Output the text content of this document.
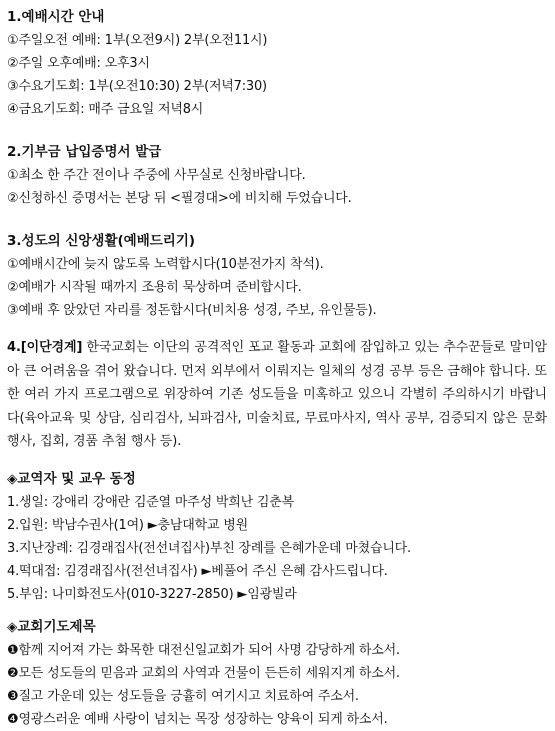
1.예배시간 안내
①주일오전 예배: 1부(오전9시) 2부(오전11시)
②주일 오후예배: 오후3시
③수요기도회: 1부(오전10:30) 2부(저녁7:30)
④금요기도회: 매주 금요일 저녁8시
2.기부금 납입증명서 발급
①최소 한 주간 전이나 주중에 사무실로 신청바랍니다.
②신청하신 증명서는 본당 뒤 <필경대>에 비치해 두었습니다.
3.성도의 신앙생활(예배드리기)
①예배시간에 늦지 않도록 노력합시다(10분전가지 착석).
②예배가 시작될 때까지 조용히 묵상하며 준비합시다.
③예배 후 앉았던 자리를 정돈합시다(비치용 성경, 주보, 유인물등).
4.[이단경계] 한국교회는 이단의 공격적인 포교 활동과 교회에 잠입하고 있는 추수꾼들로 말미암아 큰 어려움을 겪어 왔습니다. 먼저 외부에서 이뤄지는 일체의 성경 공부 등은 금해야 합니다. 또한 여러 가지 프로그램으로 위장하여 기존 성도들을 미혹하고 있으니 각별히 주의하시기 바랍니다(육아교육 및 상담, 심리검사, 뇌파검사, 미술치료, 무료마사지, 역사 공부, 검증되지 않은 문화행사, 집회, 경품 추첨 행사 등).
◈교역자 및 교우 동정
1.생일: 강애리 강애란 김준열 마주성 박희난 김춘복
2.입원: 박남수권사(1여) ►충남대학교 병원
3.지난장례: 김경래집사(전선녀집사)부친 장례를 은혜가운데 마쳤습니다.
4.떡대접: 김경래집사(전선녀집사) ►베풀어 주신 은혜 감사드립니다.
5.부임: 나미화전도사(010-3227-2850) ►임광빌라
◈교회기도제목
❶함께 지어져 가는 화목한 대전신일교회가 되어 사명 감당하게 하소서.
❷모든 성도들의 믿음과 교회의 사역과 건물이 든든히 세워지게 하소서.
❸질고 가운데 있는 성도들을 긍휼히 여기시고 치료하여 주소서.
❹영광스러운 예배 사랑이 넘치는 목장 성장하는 양육이 되게 하소서.
